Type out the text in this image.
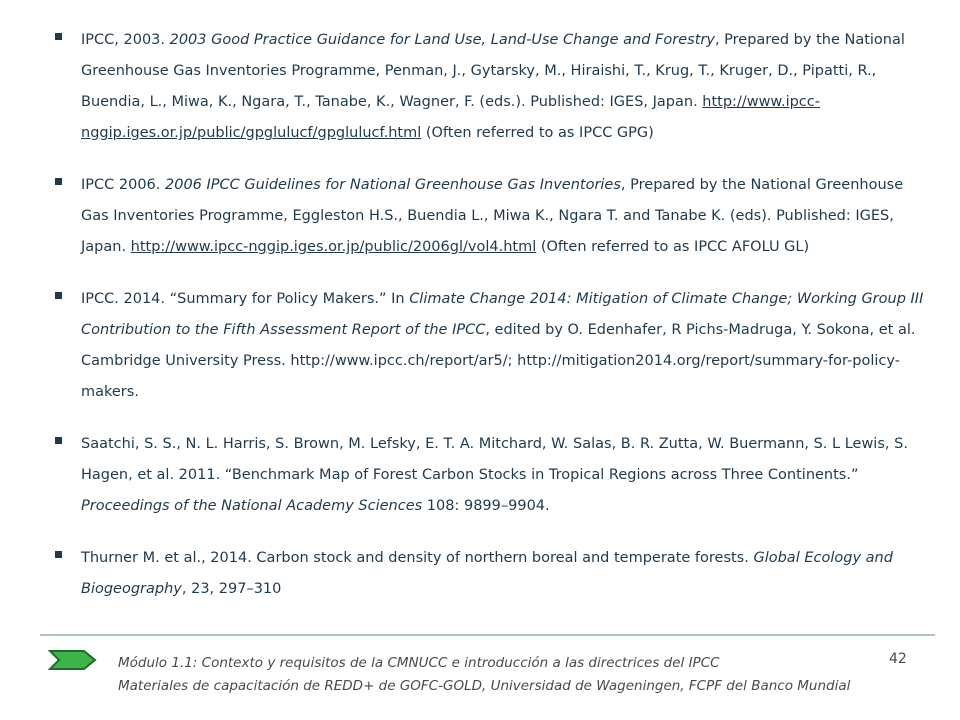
IPCC, 2003. 2003 Good Practice Guidance for Land Use, Land-Use Change and Forestry, Prepared by the National Greenhouse Gas Inventories Programme, Penman, J., Gytarsky, M., Hiraishi, T., Krug, T., Kruger, D., Pipatti, R., Buendia, L., Miwa, K., Ngara, T., Tanabe, K., Wagner, F. (eds.). Published: IGES, Japan. http://www.ipcc-nggip.iges.or.jp/public/gpglulucf/gpglulucf.html (Often referred to as IPCC GPG)
IPCC 2006. 2006 IPCC Guidelines for National Greenhouse Gas Inventories, Prepared by the National Greenhouse Gas Inventories Programme, Eggleston H.S., Buendia L., Miwa K., Ngara T. and Tanabe K. (eds). Published: IGES, Japan. http://www.ipcc-nggip.iges.or.jp/public/2006gl/vol4.html (Often referred to as IPCC AFOLU GL)
IPCC. 2014. “Summary for Policy Makers.” In Climate Change 2014: Mitigation of Climate Change; Working Group III Contribution to the Fifth Assessment Report of the IPCC, edited by O. Edenhafer, R Pichs-Madruga, Y. Sokona, et al. Cambridge University Press. http://www.ipcc.ch/report/ar5/; http://mitigation2014.org/report/summary-for-policy-makers.
Saatchi, S. S., N. L. Harris, S. Brown, M. Lefsky, E. T. A. Mitchard, W. Salas, B. R. Zutta, W. Buermann, S. L Lewis, S. Hagen, et al. 2011. “Benchmark Map of Forest Carbon Stocks in Tropical Regions across Three Continents.” Proceedings of the National Academy Sciences 108: 9899–9904.
Thurner M. et al., 2014. Carbon stock and density of northern boreal and temperate forests. Global Ecology and Biogeography, 23, 297–310
Módulo 1.1: Contexto y requisitos de la CMNUCC e introducción a las directrices del IPCC
Materiales de capacitación de REDD+ de GOFC-GOLD, Universidad de Wageningen, FCPF del Banco Mundial
42
